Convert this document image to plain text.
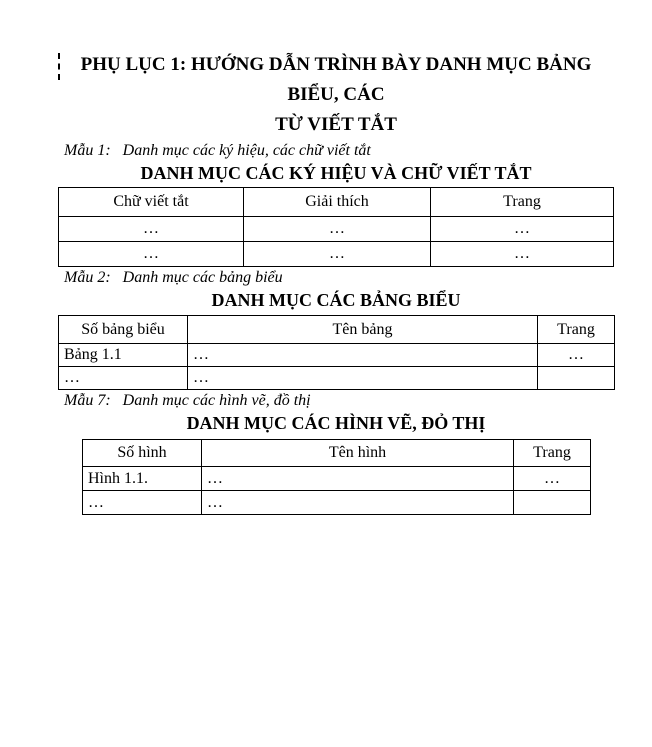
PHỤ LỤC 1: HƯỚNG DẪN TRÌNH BÀY DANH MỤC BẢNG BIỂU, CÁC
TỪ VIẾT TẮT

Mẫu 1: Danh mục các ký hiệu, các chữ viết tắt

DANH MỤC CÁC KÝ HIỆU VÀ CHỮ VIẾT TẮT
Chữ viết tắt	Giải thích	Trang
…	…	…
…	…	…

Mẫu 2: Danh mục các bảng biểu

DANH MỤC CÁC BẢNG BIỂU
Số bảng biểu	Tên bảng	Trang
Bảng 1.1	…	…
…	…	

Mẫu 7: Danh mục các hình vẽ, đồ thị

DANH MỤC CÁC HÌNH VẼ, ĐỎ THỊ
Số hình	Tên hình	Trang
Hình 1.1.	…	…
…	…	
